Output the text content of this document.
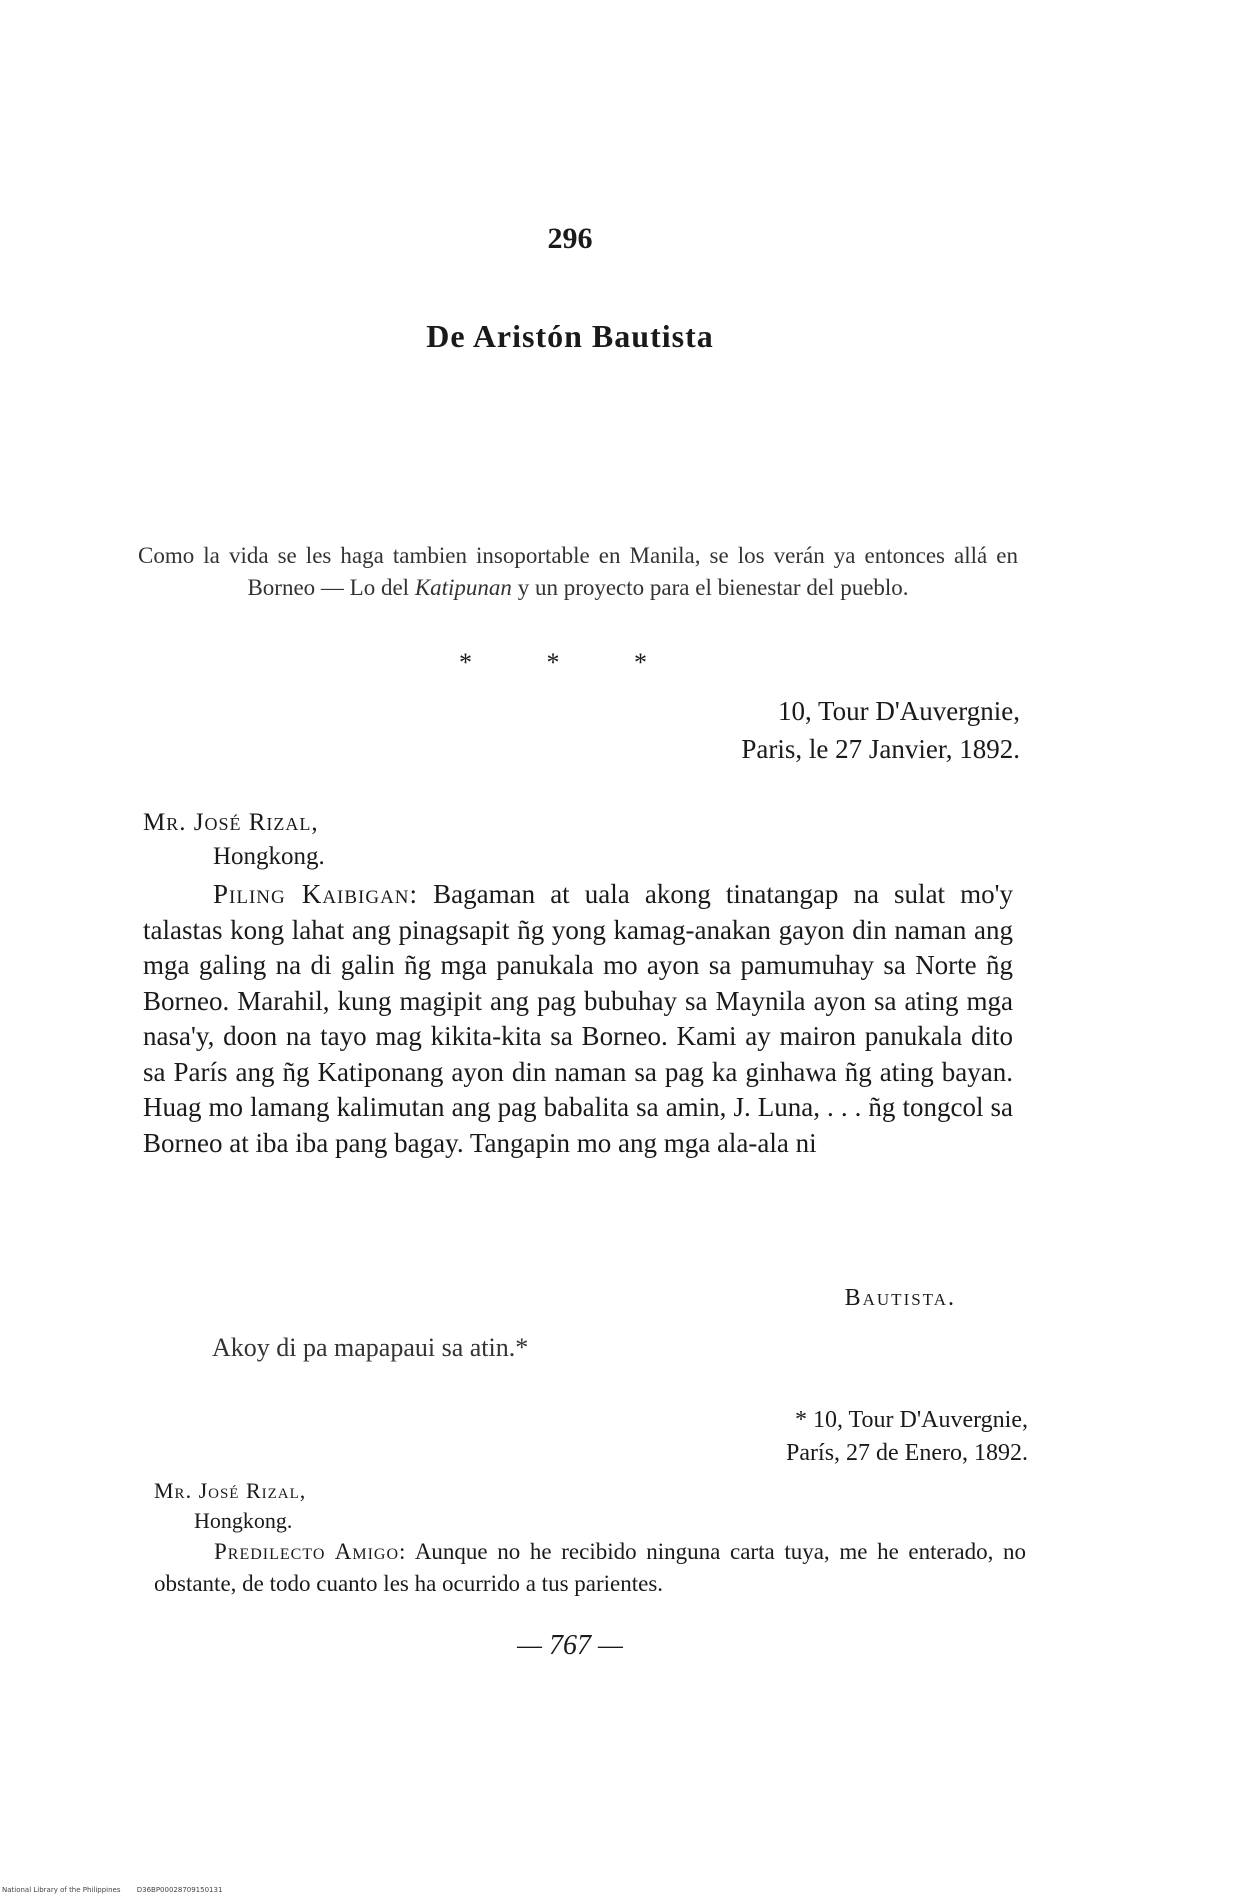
296
De Aristón Bautista
Como la vida se les haga tambien insoportable en Manila, se los verán ya entonces allá en Borneo — Lo del Katipunan y un proyecto para el bienestar del pueblo.
* * *
10, Tour D'Auvergnie,
Paris, le 27 Janvier, 1892.
Mr. José Rizal,
Hongkong.
Piling Kaibigan: Bagaman at uala akong tinatangap na sulat mo'y talastas kong lahat ang pinagsapit ñg yong kamag-anakan gayon din naman ang mga galing na di galin ñg mga panukala mo ayon sa pamumuhay sa Norte ñg Borneo. Marahil, kung magipit ang pag bubuhay sa Maynila ayon sa ating mga nasa'y, doon na tayo mag kikita-kita sa Borneo. Kami ay mairon panukala dito sa París ang ñg Katiponang ayon din naman sa pag ka ginhawa ñg ating bayan. Huag mo lamang kalimutan ang pag babalita sa amin, J. Luna, . . . ñg tongcol sa Borneo at iba iba pang bagay. Tangapin mo ang mga ala-ala ni
Bautista.
Akoy di pa mapapaui sa atin.*
* 10, Tour D'Auvergnie,
París, 27 de Enero, 1892.
Mr. José Rizal,
Hongkong.
Predilecto Amigo: Aunque no he recibido ninguna carta tuya, me he enterado, no obstante, de todo cuanto les ha ocurrido a tus parientes.
— 767 —
National Library of the Philippines D36BP00028709150131
